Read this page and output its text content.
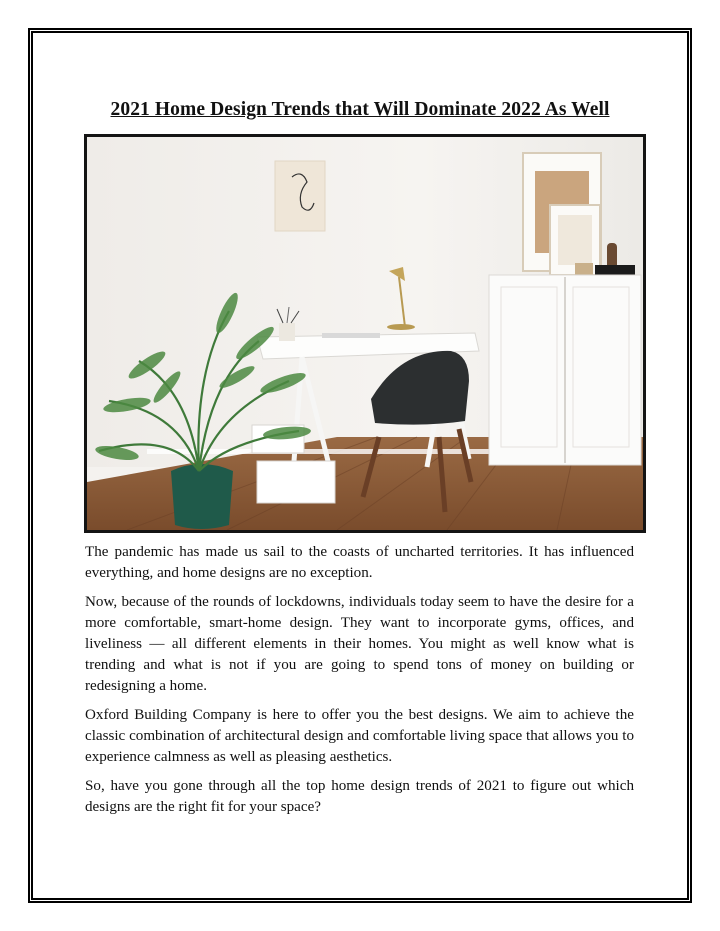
2021 Home Design Trends that Will Dominate 2022 As Well

The pandemic has made us sail to the coasts of uncharted territories. It has influenced everything, and home designs are no exception.

Now, because of the rounds of lockdowns, individuals today seem to have the desire for a more comfortable, smart-home design. They want to incorporate gyms, offices, and liveliness — all different elements in their homes. You might as well know what is trending and what is not if you are going to spend tons of money on building or redesigning a home.

Oxford Building Company is here to offer you the best designs. We aim to achieve the classic combination of architectural design and comfortable living space that allows you to experience calmness as well as pleasing aesthetics.

So, have you gone through all the top home design trends of 2021 to figure out which designs are the right fit for your space?
